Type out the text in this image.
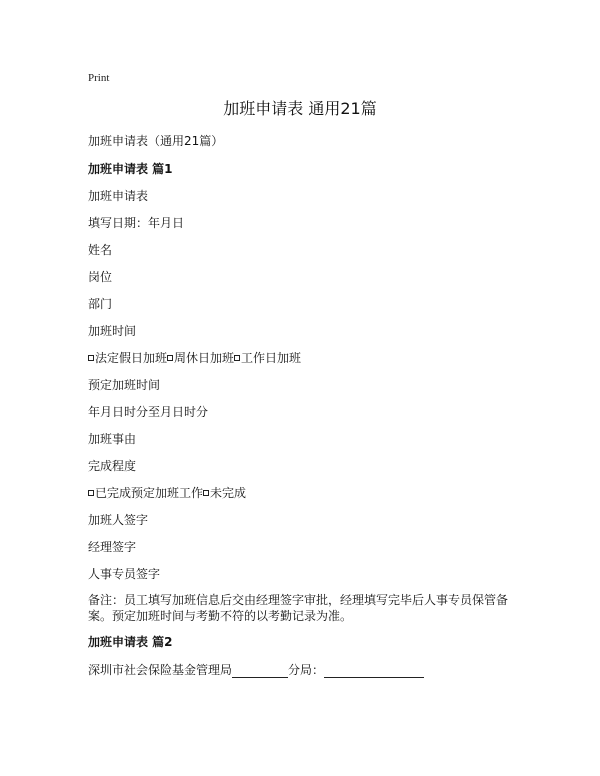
Print
加班申请表 通用21篇
加班申请表（通用21篇）
加班申请表 篇1
加班申请表
填写日期：年月日
姓名
岗位
部门
加班时间
法定假日加班 周休日加班 工作日加班
预定加班时间
年月日时分至月日时分
加班事由
完成程度
已完成预定加班工作 未完成
加班人签字
经理签字
人事专员签字
备注：员工填写加班信息后交由经理签字审批，经理填写完毕后人事专员保管备案。预定加班时间与考勤不符的以考勤记录为准。
加班申请表 篇2
深圳市社会保险基金管理局	分局：
